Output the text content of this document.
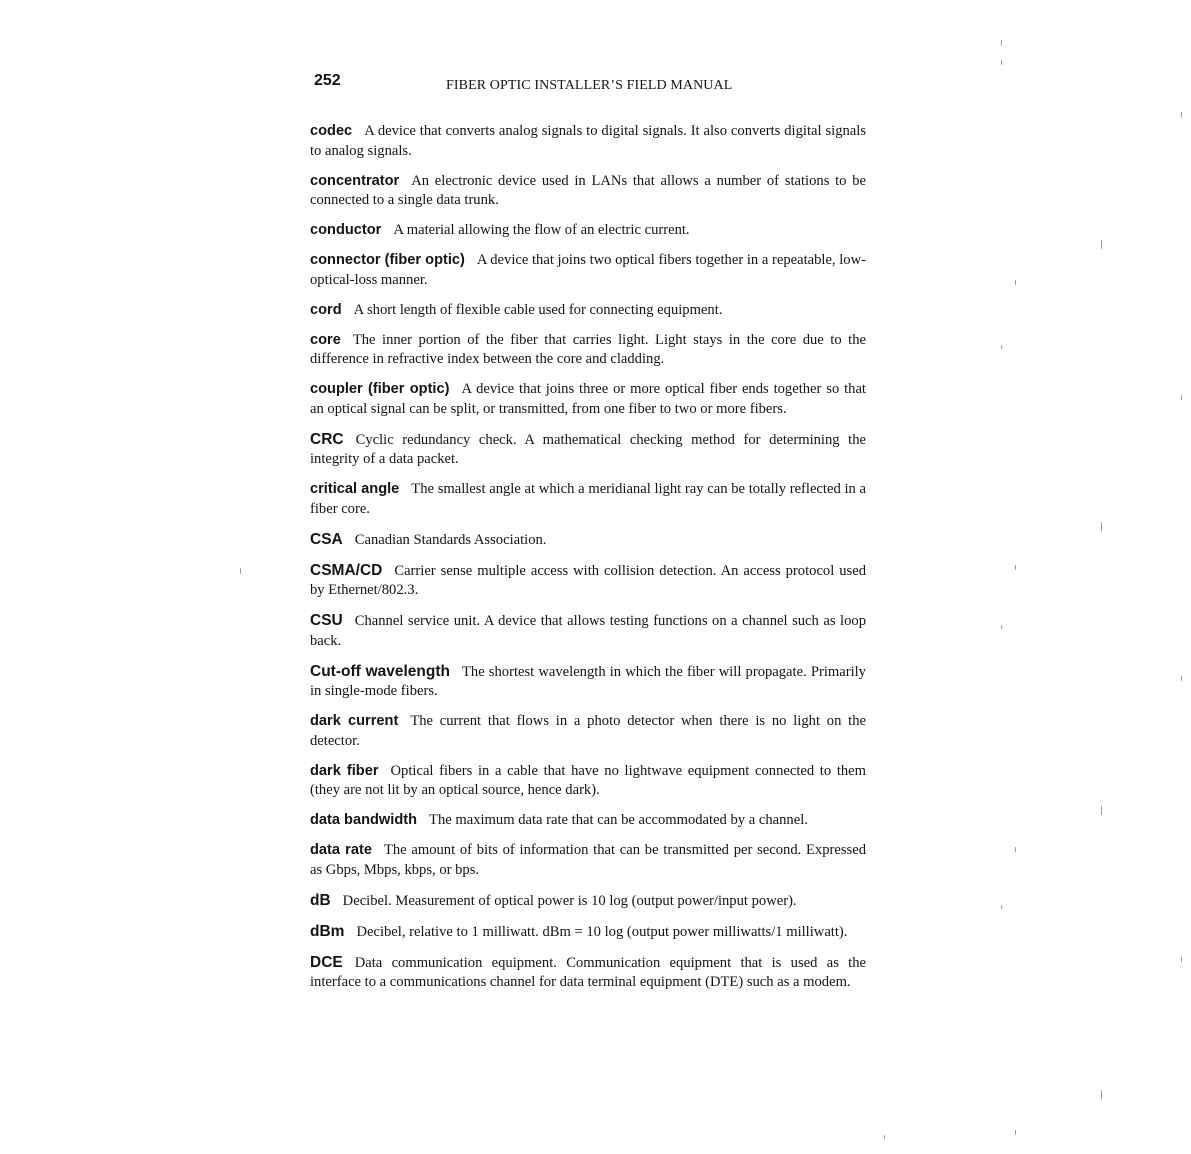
252	FIBER OPTIC INSTALLER’S FIELD MANUAL

codec A device that converts analog signals to digital signals. It also converts digital signals to analog signals.

concentrator An electronic device used in LANs that allows a number of stations to be connected to a single data trunk.

conductor A material allowing the flow of an electric current.

connector (fiber optic) A device that joins two optical fibers together in a repeatable, low-optical-loss manner.

cord A short length of flexible cable used for connecting equipment.

core The inner portion of the fiber that carries light. Light stays in the core due to the difference in refractive index between the core and cladding.

coupler (fiber optic) A device that joins three or more optical fiber ends together so that an optical signal can be split, or transmitted, from one fiber to two or more fibers.

CRC Cyclic redundancy check. A mathematical checking method for determining the integrity of a data packet.

critical angle The smallest angle at which a meridianal light ray can be totally reflected in a fiber core.

CSA Canadian Standards Association.

CSMA/CD Carrier sense multiple access with collision detection. An access protocol used by Ethernet/802.3.

CSU Channel service unit. A device that allows testing functions on a channel such as loop back.

Cut-off wavelength The shortest wavelength in which the fiber will propagate. Primarily in single-mode fibers.

dark current The current that flows in a photo detector when there is no light on the detector.

dark fiber Optical fibers in a cable that have no lightwave equipment connected to them (they are not lit by an optical source, hence dark).

data bandwidth The maximum data rate that can be accommodated by a channel.

data rate The amount of bits of information that can be transmitted per second. Expressed as Gbps, Mbps, kbps, or bps.

dB Decibel. Measurement of optical power is 10 log (output power/input power).

dBm Decibel, relative to 1 milliwatt. dBm = 10 log (output power milliwatts/1 milliwatt).

DCE Data communication equipment. Communication equipment that is used as the interface to a communications channel for data terminal equipment (DTE) such as a modem.
